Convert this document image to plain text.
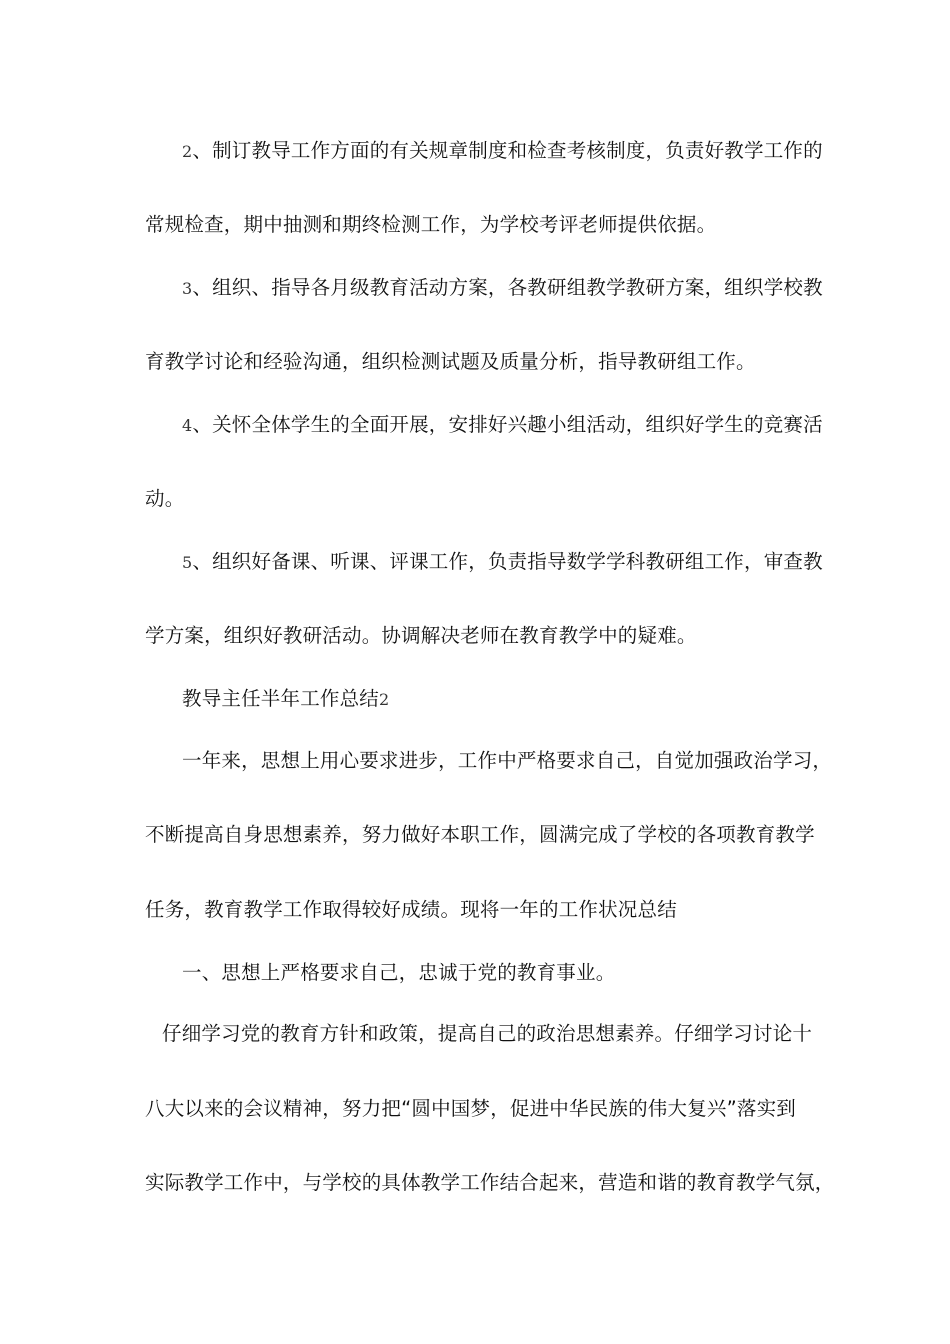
2、制订教导工作方面的有关规章制度和检查考核制度，负责好教学工作的
常规检查，期中抽测和期终检测工作，为学校考评老师提供依据。
3、组织、指导各月级教育活动方案，各教研组教学教研方案，组织学校教
育教学讨论和经验沟通，组织检测试题及质量分析，指导教研组工作。
4、关怀全体学生的全面开展，安排好兴趣小组活动，组织好学生的竞赛活
动。
5、组织好备课、听课、评课工作，负责指导数学学科教研组工作，审查教
学方案，组织好教研活动。协调解决老师在教育教学中的疑难。
教导主任半年工作总结2
一年来，思想上用心要求进步，工作中严格要求自己，自觉加强政治学习，
不断提高自身思想素养，努力做好本职工作，圆满完成了学校的各项教育教学
任务，教育教学工作取得较好成绩。现将一年的工作状况总结
一、思想上严格要求自己，忠诚于党的教育事业。
仔细学习党的教育方针和政策，提高自己的政治思想素养。仔细学习讨论十
八大以来的会议精神，努力把“圆中国梦，促进中华民族的伟大复兴”落实到
实际教学工作中，与学校的具体教学工作结合起来，营造和谐的教育教学气氛，
